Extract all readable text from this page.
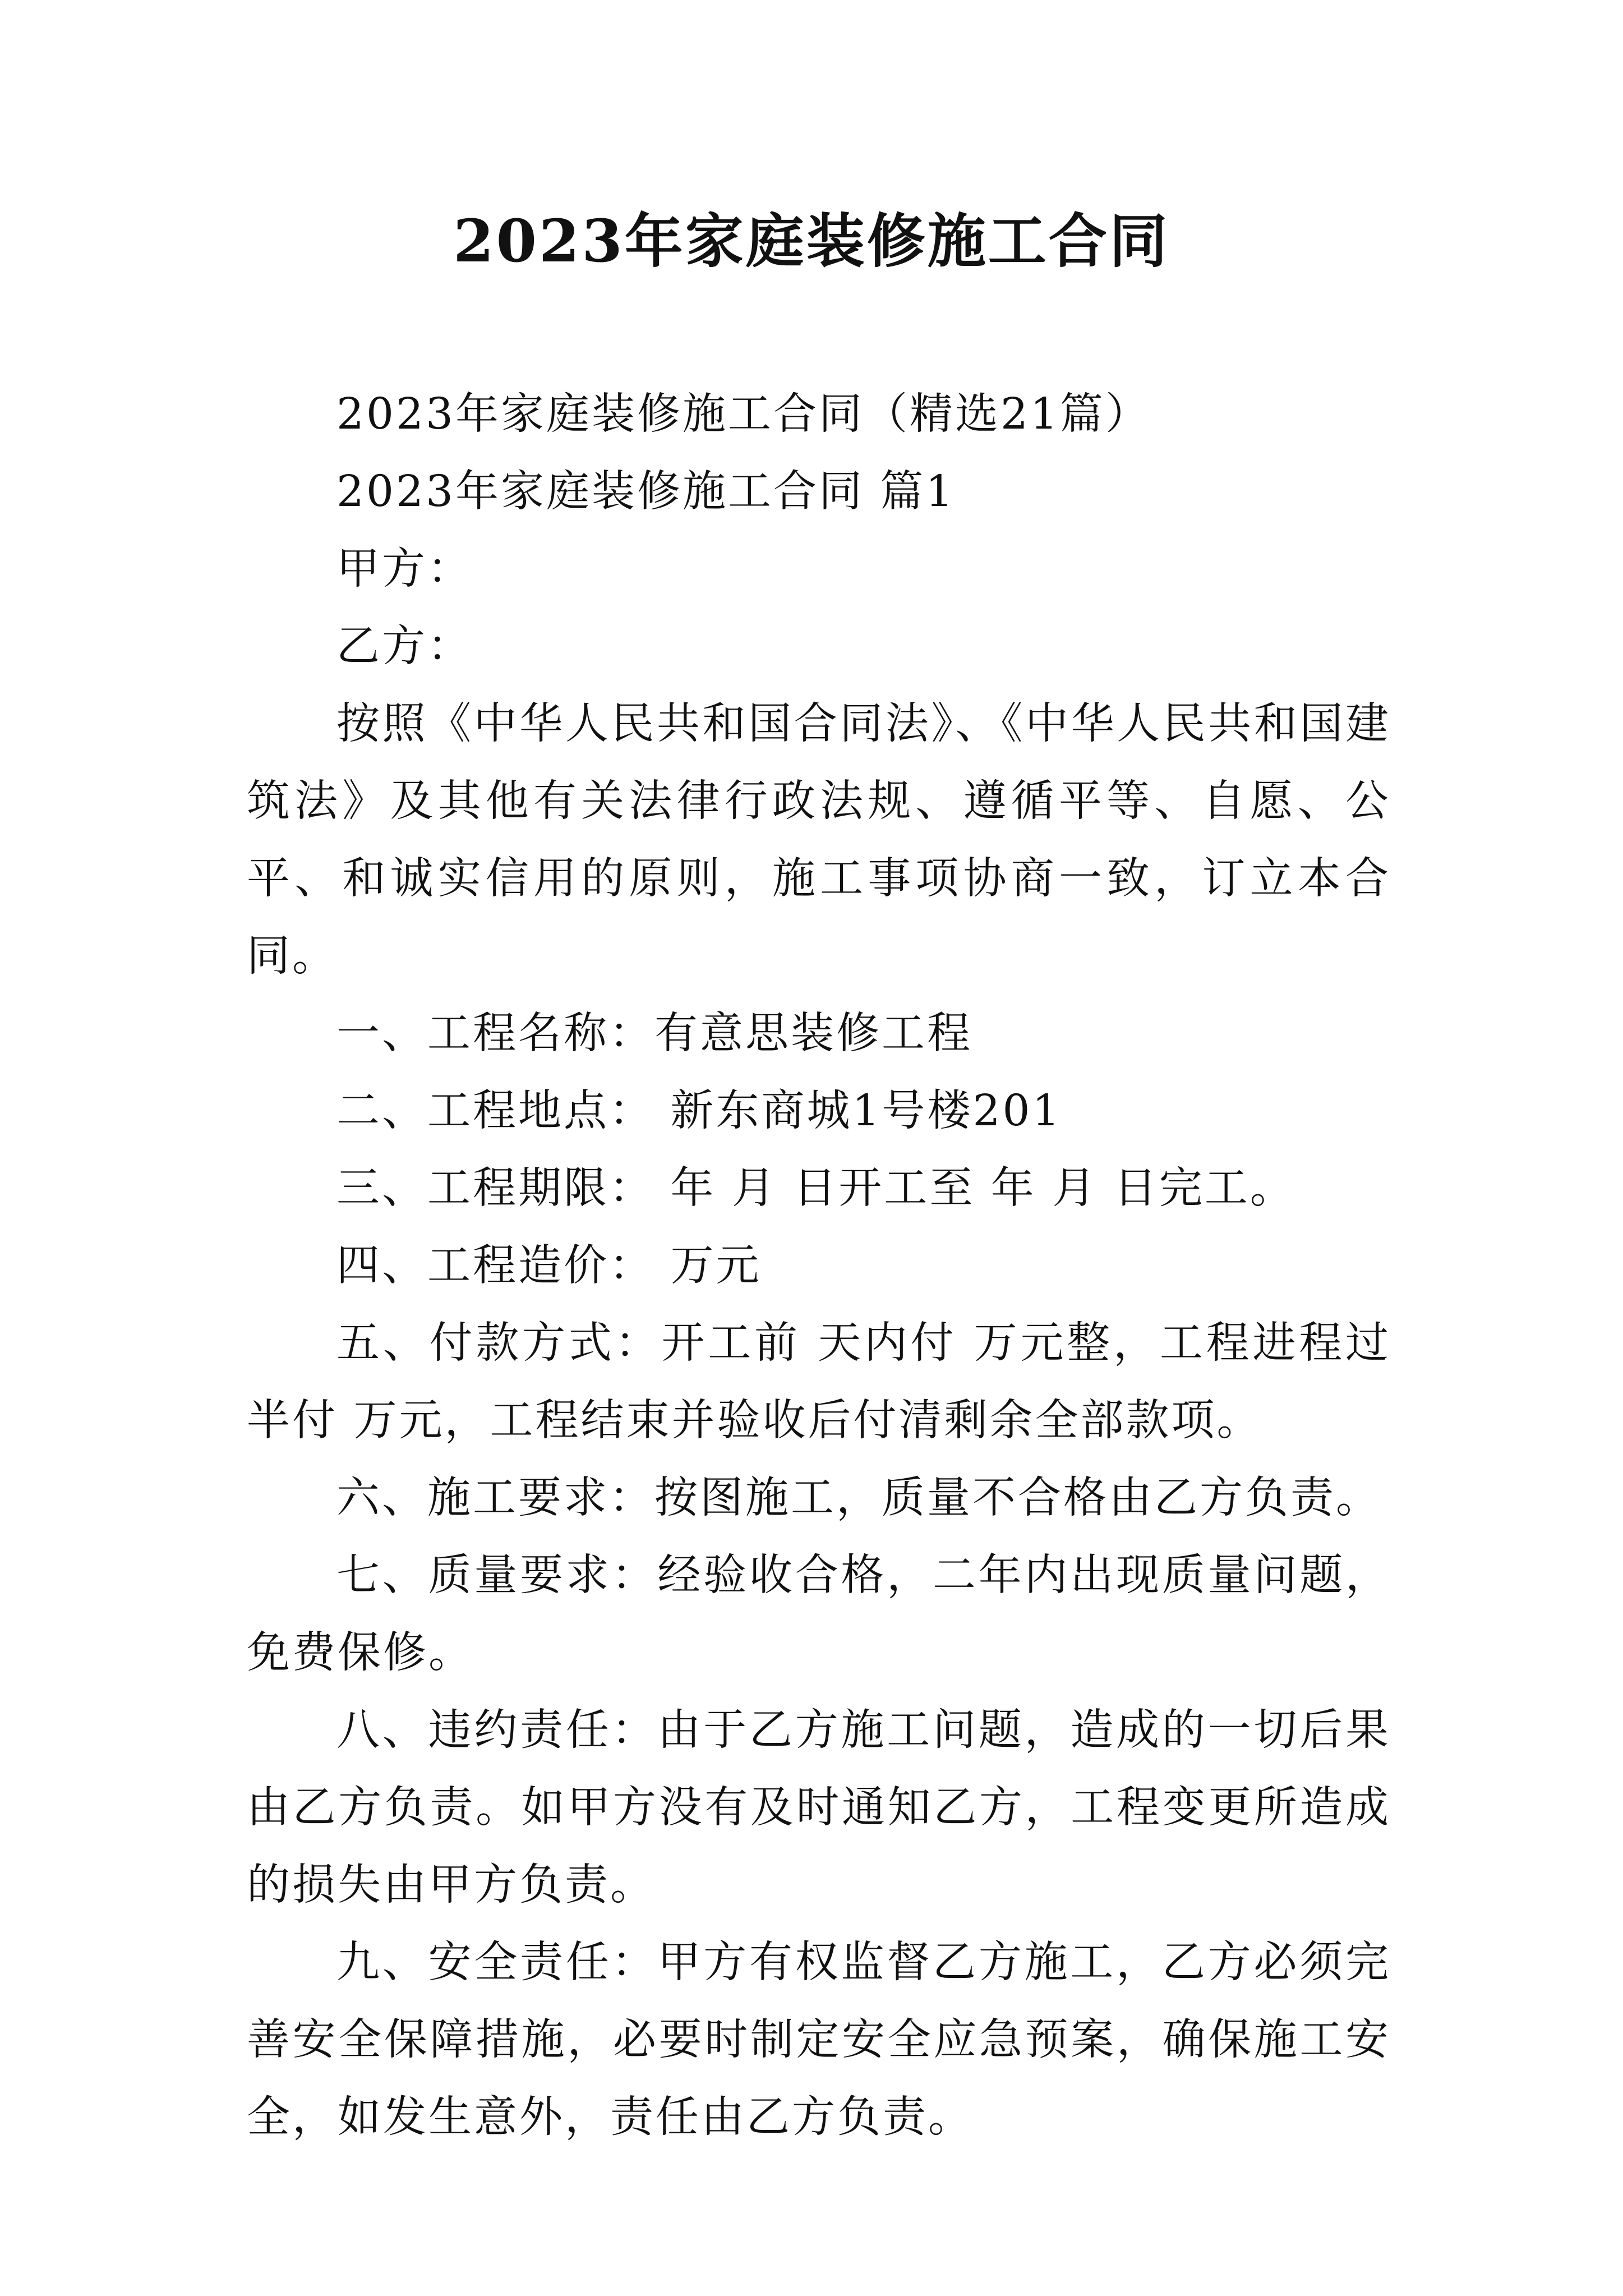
2023年家庭装修施工合同

2023年家庭装修施工合同（精选21篇）

2023年家庭装修施工合同 篇1

甲方：

乙方：

按照《中华人民共和国合同法》、《中华人民共和国建筑法》及其他有关法律行政法规、遵循平等、自愿、公平、和诚实信用的原则，施工事项协商一致，订立本合同。

一、工程名称：有意思装修工程

二、工程地点： 新东商城1号楼201

三、工程期限： 年 月 日开工至 年 月 日完工。

四、工程造价： 万元

五、付款方式：开工前 天内付 万元整，工程进程过半付 万元，工程结束并验收后付清剩余全部款项。

六、施工要求：按图施工，质量不合格由乙方负责。

七、质量要求：经验收合格，二年内出现质量问题，免费保修。

八、违约责任：由于乙方施工问题，造成的一切后果由乙方负责。如甲方没有及时通知乙方，工程变更所造成的损失由甲方负责。

九、安全责任：甲方有权监督乙方施工，乙方必须完善安全保障措施，必要时制定安全应急预案，确保施工安全，如发生意外，责任由乙方负责。
